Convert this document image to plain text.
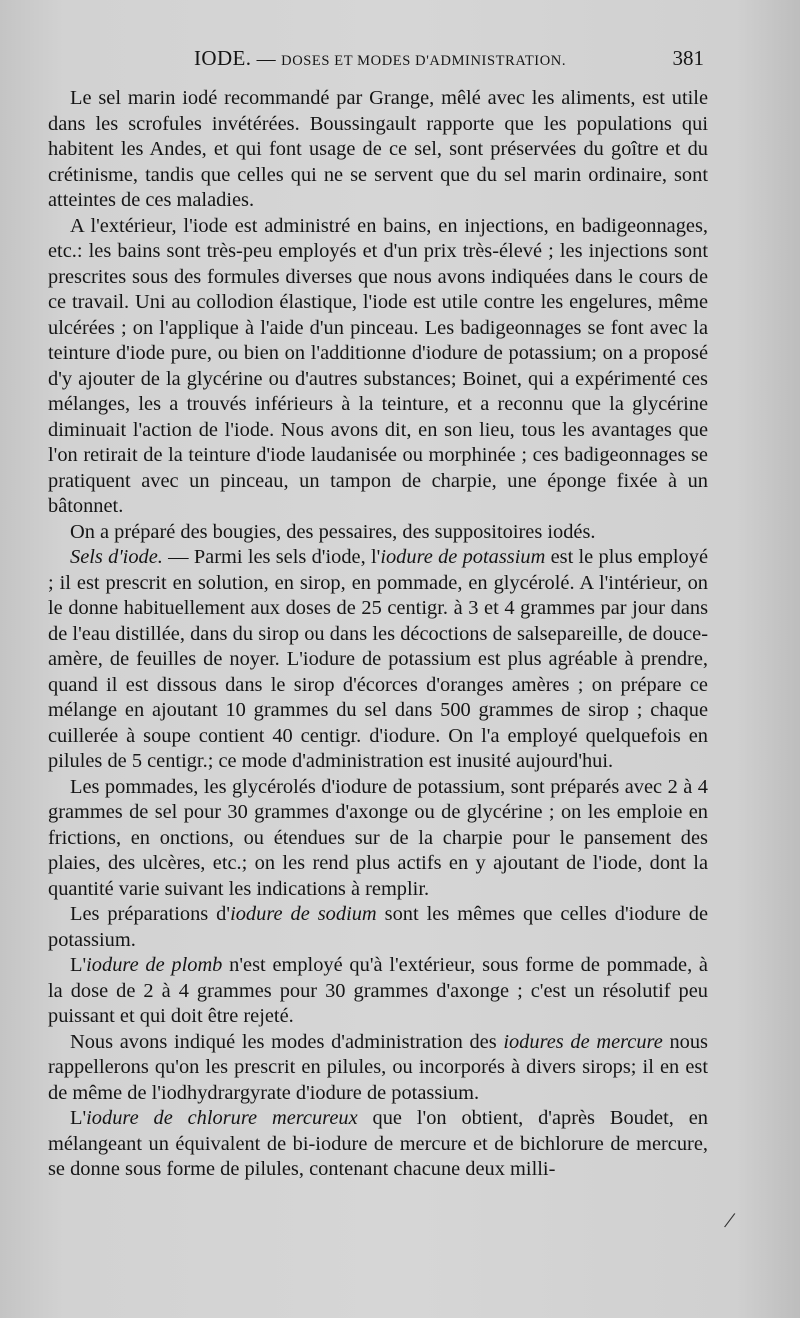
IODE. — DOSES ET MODES D'ADMINISTRATION.	381

Le sel marin iodé recommandé par Grange, mêlé avec les aliments, est utile dans les scrofules invétérées. Boussingault rapporte que les populations qui habitent les Andes, et qui font usage de ce sel, sont préservées du goître et du crétinisme, tandis que celles qui ne se servent que du sel marin ordinaire, sont atteintes de ces maladies.

A l'extérieur, l'iode est administré en bains, en injections, en badigeonnages, etc.: les bains sont très-peu employés et d'un prix très-élevé ; les injections sont prescrites sous des formules diverses que nous avons indiquées dans le cours de ce travail. Uni au collodion élastique, l'iode est utile contre les engelures, même ulcérées ; on l'applique à l'aide d'un pinceau. Les badigeonnages se font avec la teinture d'iode pure, ou bien on l'additionne d'iodure de potassium; on a proposé d'y ajouter de la glycérine ou d'autres substances; Boinet, qui a expérimenté ces mélanges, les a trouvés inférieurs à la teinture, et a reconnu que la glycérine diminuait l'action de l'iode. Nous avons dit, en son lieu, tous les avantages que l'on retirait de la teinture d'iode laudanisée ou morphinée ; ces badigeonnages se pratiquent avec un pinceau, un tampon de charpie, une éponge fixée à un bâtonnet.

On a préparé des bougies, des pessaires, des suppositoires iodés.

Sels d'iode. — Parmi les sels d'iode, l'iodure de potassium est le plus employé ; il est prescrit en solution, en sirop, en pommade, en glycérolé. A l'intérieur, on le donne habituellement aux doses de 25 centigr. à 3 et 4 grammes par jour dans de l'eau distillée, dans du sirop ou dans les décoctions de salsepareille, de douce-amère, de feuilles de noyer. L'iodure de potassium est plus agréable à prendre, quand il est dissous dans le sirop d'écorces d'oranges amères ; on prépare ce mélange en ajoutant 10 grammes du sel dans 500 grammes de sirop ; chaque cuillerée à soupe contient 40 centigr. d'iodure. On l'a employé quelquefois en pilules de 5 centigr.; ce mode d'administration est inusité aujourd'hui.

Les pommades, les glycérolés d'iodure de potassium, sont préparés avec 2 à 4 grammes de sel pour 30 grammes d'axonge ou de glycérine ; on les emploie en frictions, en onctions, ou étendues sur de la charpie pour le pansement des plaies, des ulcères, etc.; on les rend plus actifs en y ajoutant de l'iode, dont la quantité varie suivant les indications à remplir.

Les préparations d'iodure de sodium sont les mêmes que celles d'iodure de potassium.

L'iodure de plomb n'est employé qu'à l'extérieur, sous forme de pommade, à la dose de 2 à 4 grammes pour 30 grammes d'axonge ; c'est un résolutif peu puissant et qui doit être rejeté.

Nous avons indiqué les modes d'administration des iodures de mercure nous rappellerons qu'on les prescrit en pilules, ou incorporés à divers sirops; il en est de même de l'iodhydrargyrate d'iodure de potassium.

L'iodure de chlorure mercureux que l'on obtient, d'après Boudet, en mélangeant un équivalent de bi-iodure de mercure et de bichlorure de mercure, se donne sous forme de pilules, contenant chacune deux milli-

/
